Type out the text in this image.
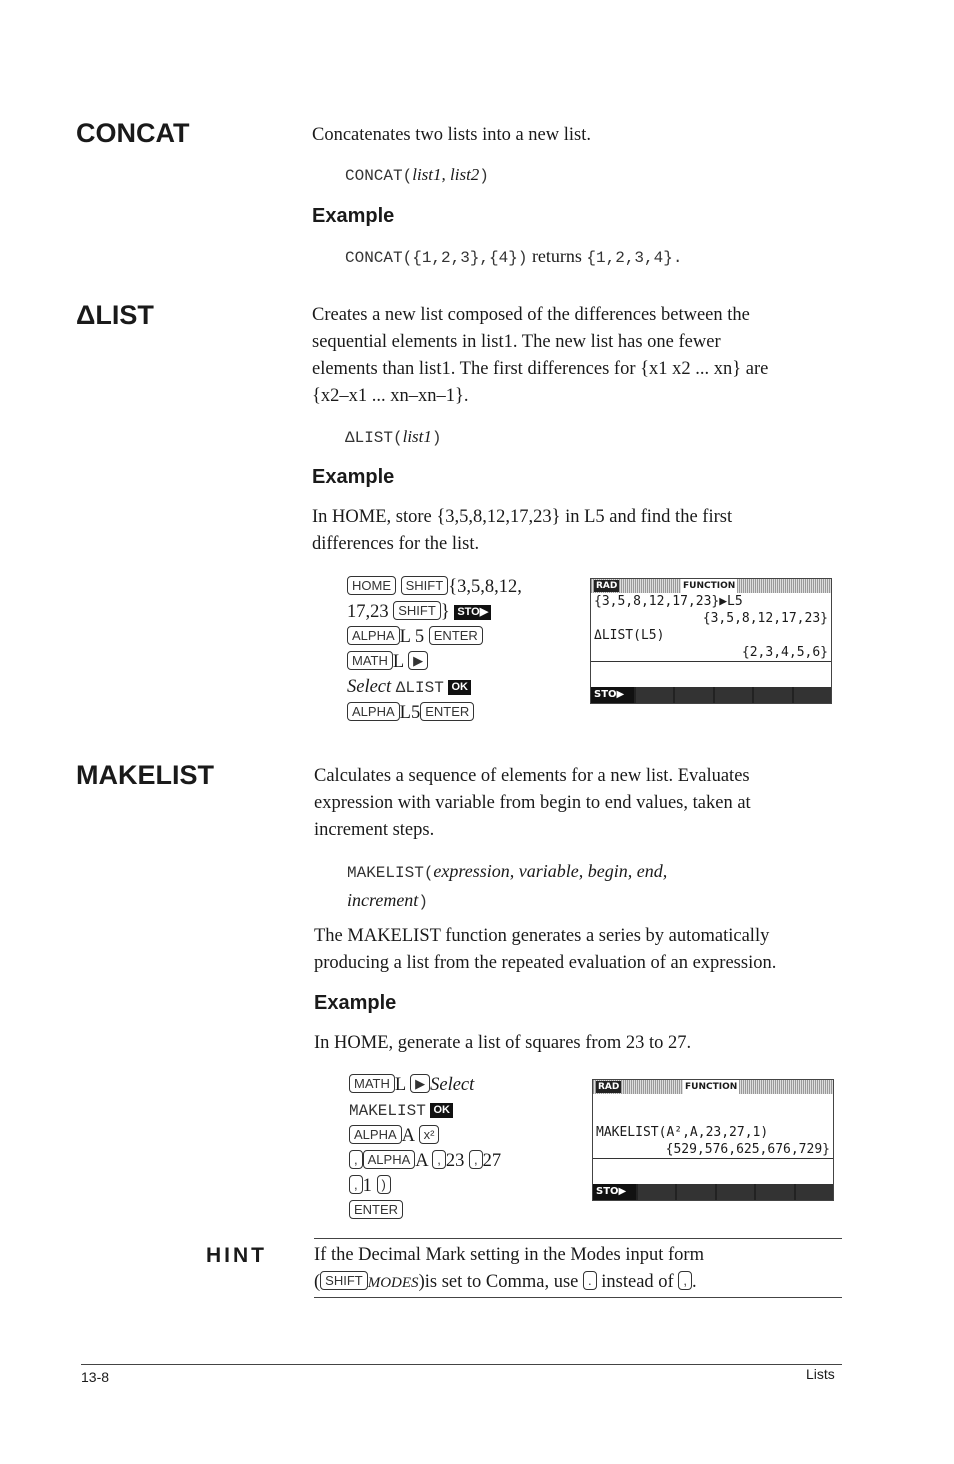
CONCAT	Concatenates two lists into a new list.
CONCAT(list1, list2)
Example
CONCAT({1,2,3},{4}) returns {1,2,3,4}.
ΔLIST	Creates a new list composed of the differences between the
sequential elements in list1. The new list has one fewer
elements than list1. The first differences for {x1 x2 ... xn} are
{x2–x1 ... xn–xn–1}.
ΔLIST(list1)
Example
In HOME, store {3,5,8,12,17,23} in L5 and find the first
differences for the list.
HOME SHIFT {3,5,8,12,
17,23 SHIFT } STO▶
ALPHA L 5 ENTER
MATH L ▶
Select ΔLIST OK
ALPHA L5 ENTER
RAD	FUNCTION
{3,5,8,12,17,23}▶L5
{3,5,8,12,17,23}
ΔLIST(L5)
{2,3,4,5,6}
STO▶
MAKELIST	Calculates a sequence of elements for a new list. Evaluates
expression with variable from begin to end values, taken at
increment steps.
MAKELIST(expression, variable, begin, end,
increment)
The MAKELIST function generates a series by automatically
producing a list from the repeated evaluation of an expression.
Example
In HOME, generate a list of squares from 23 to 27.
MATH L ▶ Select
MAKELIST OK
ALPHA A x²
, ALPHA A , 23 , 27
, 1 )
ENTER
RAD	FUNCTION
MAKELIST(A²,A,23,27,1)
{529,576,625,676,729}
STO▶
HINT	If the Decimal Mark setting in the Modes input form
( SHIFT MODES)is set to Comma, use . instead of , .
13-8	Lists
